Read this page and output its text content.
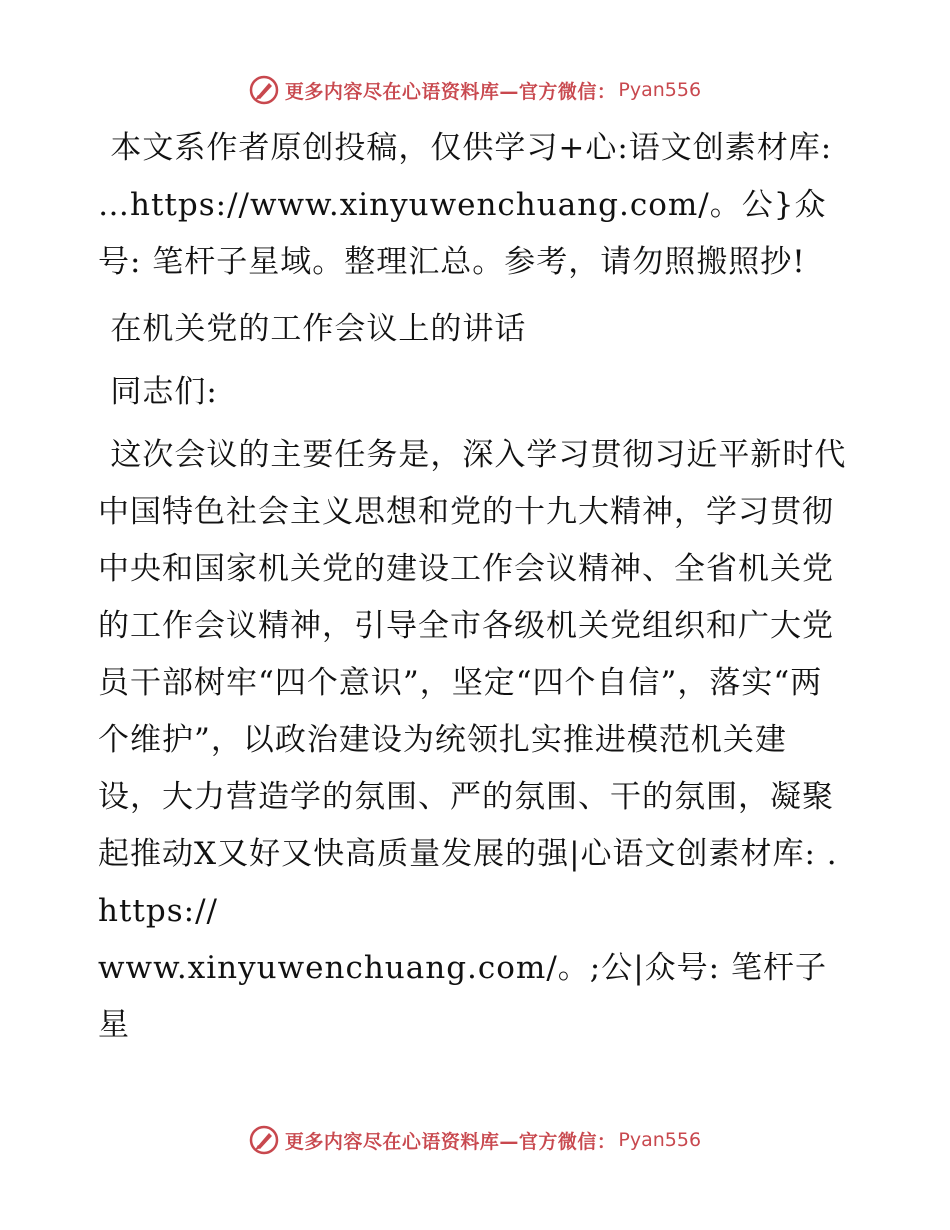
更多内容尽在心语资料库—官方微信： Pyan556

本文系作者原创投稿，仅供学习+心:语文创素材库: …https://www.xinyuwenchuang.com/。公}众号: 笔杆子星域。整理汇总。参考，请勿照搬照抄!

在机关党的工作会议上的讲话

同志们:

这次会议的主要任务是，深入学习贯彻习近平新时代中国特色社会主义思想和党的十九大精神，学习贯彻中央和国家机关党的建设工作会议精神、全省机关党的工作会议精神，引导全市各级机关党组织和广大党员干部树牢“四个意识”，坚定“四个自信”，落实“两个维护”，以政治建设为统领扎实推进模范机关建设，大力营造学的氛围、严的氛围、干的氛围，凝聚起推动X又好又快高质量发展的强|心语文创素材库: .https://

www.xinyuwenchuang.com/。;公|众号: 笔杆子星

更多内容尽在心语资料库—官方微信： Pyan556
